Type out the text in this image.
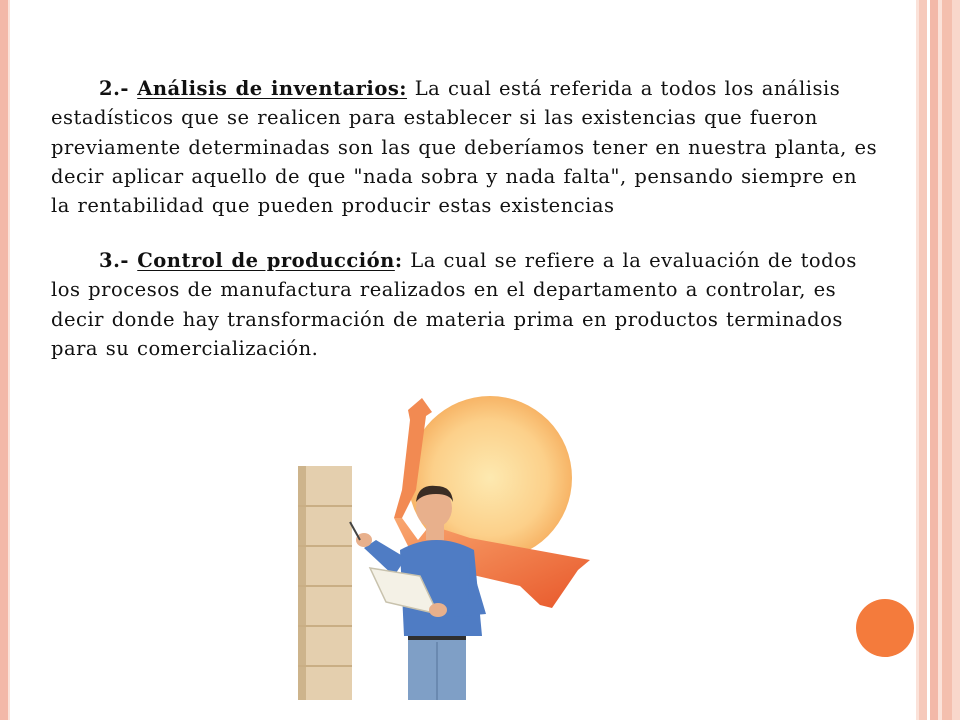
2.- Análisis de inventarios: La cual está referida a todos los análisis estadísticos que se realicen para establecer si las existencias que fueron previamente determinadas son las que deberíamos tener en nuestra planta, es decir aplicar aquello de que "nada sobra y nada falta", pensando siempre en la rentabilidad que pueden producir estas existencias

3.- Control de producción: La cual se refiere a la evaluación de todos los procesos de manufactura realizados en el departamento a controlar, es decir donde hay transformación de materia prima en productos terminados para su comercialización.
